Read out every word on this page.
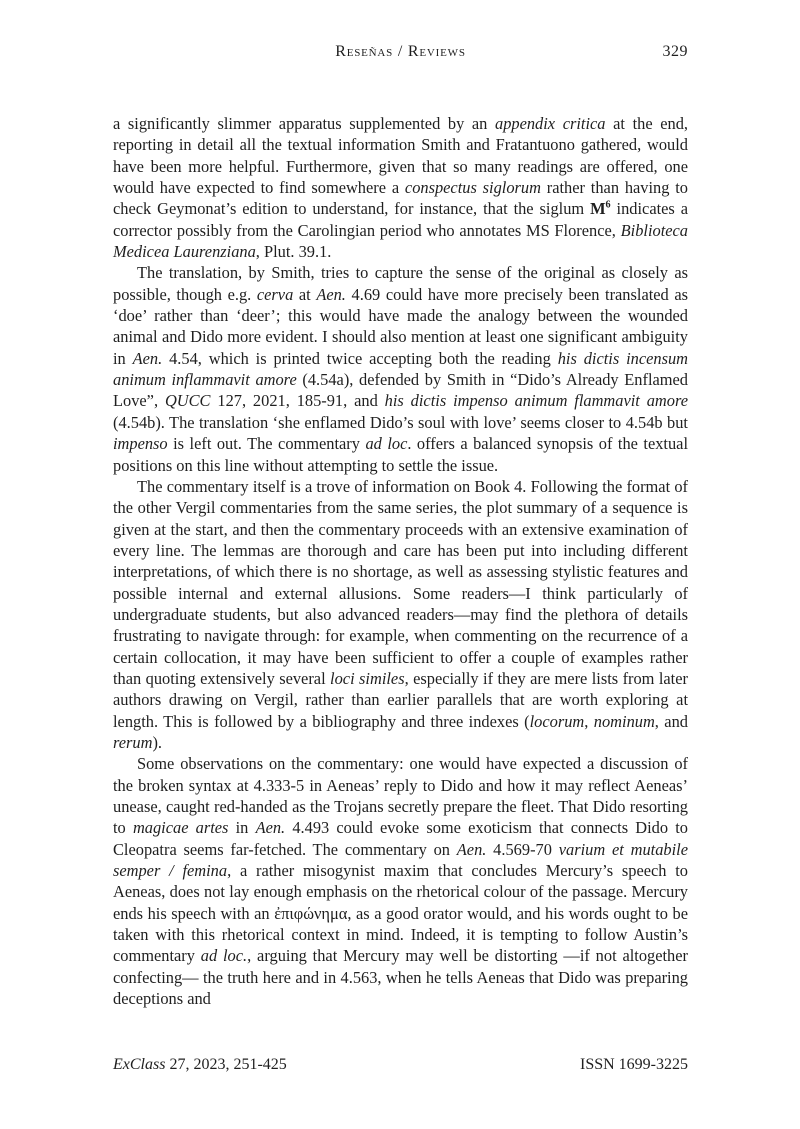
Reseñas / Reviews	329

a significantly slimmer apparatus supplemented by an appendix critica at the end, reporting in detail all the textual information Smith and Fratantuono gathered, would have been more helpful. Furthermore, given that so many readings are offered, one would have expected to find somewhere a conspectus siglorum rather than having to check Geymonat’s edition to understand, for instance, that the siglum $M^6$ indicates a corrector possibly from the Carolingian period who annotates MS Florence, Biblioteca Medicea Laurenziana, Plut. 39.1.

The translation, by Smith, tries to capture the sense of the original as closely as possible, though e.g. cerva at Aen. 4.69 could have more precisely been translated as ‘doe’ rather than ‘deer’; this would have made the analogy between the wounded animal and Dido more evident. I should also mention at least one significant ambiguity in Aen. 4.54, which is printed twice accepting both the reading his dictis incensum animum inflammavit amore (4.54a), defended by Smith in “Dido’s Already Enflamed Love”, QUCC 127, 2021, 185-91, and his dictis impenso animum flammavit amore (4.54b). The translation ‘she enflamed Dido’s soul with love’ seems closer to 4.54b but impenso is left out. The commentary ad loc. offers a balanced synopsis of the textual positions on this line without attempting to settle the issue.

The commentary itself is a trove of information on Book 4. Following the format of the other Vergil commentaries from the same series, the plot summary of a sequence is given at the start, and then the commentary proceeds with an extensive examination of every line. The lemmas are thorough and care has been put into including different interpretations, of which there is no shortage, as well as assessing stylistic features and possible internal and external allusions. Some readers—I think particularly of undergraduate students, but also advanced readers—may find the plethora of details frustrating to navigate through: for example, when commenting on the recurrence of a certain collocation, it may have been sufficient to offer a couple of examples rather than quoting extensively several loci similes, especially if they are mere lists from later authors drawing on Vergil, rather than earlier parallels that are worth exploring at length. This is followed by a bibliography and three indexes (locorum, nominum, and rerum).

Some observations on the commentary: one would have expected a discussion of the broken syntax at 4.333-5 in Aeneas’ reply to Dido and how it may reflect Aeneas’ unease, caught red-handed as the Trojans secretly prepare the fleet. That Dido resorting to magicae artes in Aen. 4.493 could evoke some exoticism that connects Dido to Cleopatra seems far-fetched. The commentary on Aen. 4.569-70 varium et mutabile semper / femina, a rather misogynist maxim that concludes Mercury’s speech to Aeneas, does not lay enough emphasis on the rhetorical colour of the passage. Mercury ends his speech with an ἐπιφώνημα, as a good orator would, and his words ought to be taken with this rhetorical context in mind. Indeed, it is tempting to follow Austin’s commentary ad loc., arguing that Mercury may well be distorting —if not altogether confecting— the truth here and in 4.563, when he tells Aeneas that Dido was preparing deceptions and

ExClass 27, 2023, 251-425	ISSN 1699-3225
